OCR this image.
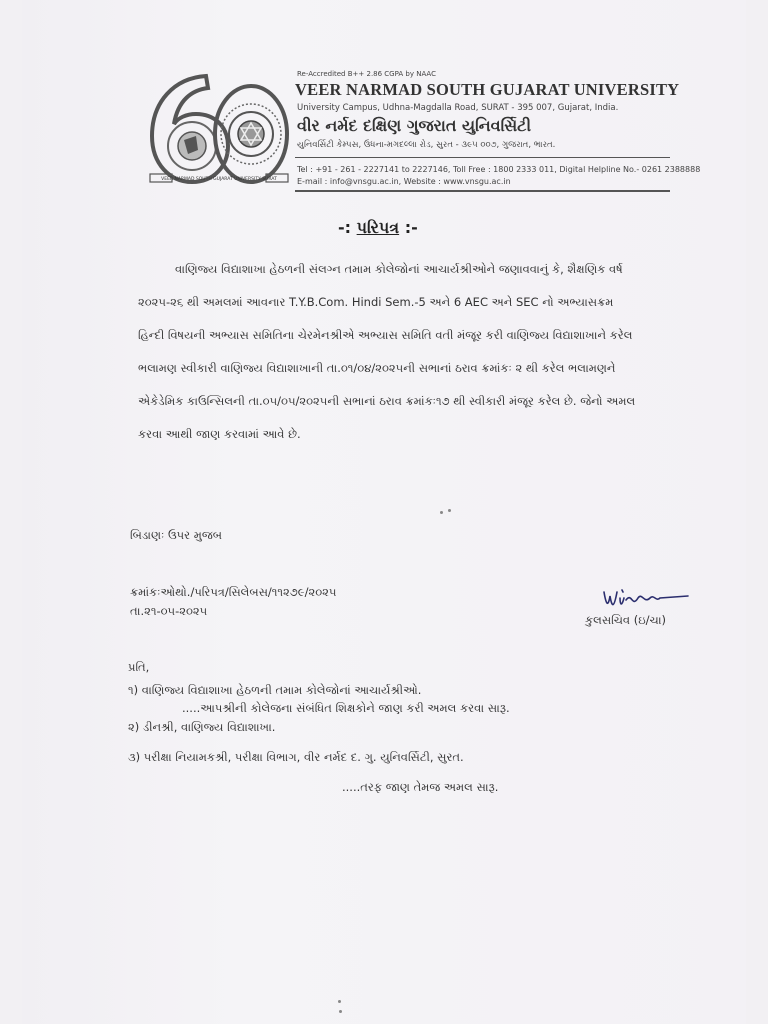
VEER NARMAD SOUTH GUJARAT UNIVERSITY SURAT
Re-Accredited B++ 2.86 CGPA by NAAC
VEER NARMAD SOUTH GUJARAT UNIVERSITY
University Campus, Udhna-Magdalla Road, SURAT - 395 007, Gujarat, India.
વીર નર્મદ દક્ષિણ ગુજરાત યુનિવર્સિટી
યુનિવર્સિટી કેમ્પસ, ઉધના-મગદલ્લા રોડ, સુરત - ૩૯૫ ૦૦૭, ગુજરાત, ભારત.
Tel : +91 - 261 - 2227141 to 2227146, Toll Free : 1800 2333 011, Digital Helpline No.- 0261 2388888
E-mail : info@vnsgu.ac.in, Website : www.vnsgu.ac.in
-: પરિપત્ર :-
વાણિજ્ય વિદ્યાશાખા હેઠળની સંલગ્ન તમામ કોલેજોનાં આચાર્યશ્રીઓને જણાવવાનું કે, શૈક્ષણિક વર્ષ
૨૦૨૫-૨૬ થી અમલમાં આવનાર T.Y.B.Com. Hindi Sem.-5 અને 6 AEC અને SEC નો અભ્યાસક્રમ
હિન્દી વિષયની અભ્યાસ સમિતિના ચેરમેનશ્રીએ અભ્યાસ સમિતિ વતી મંજૂર કરી વાણિજ્ય વિદ્યાશાખાને કરેલ
ભલામણ સ્વીકારી વાણિજ્ય વિદ્યાશાખાની તા.૦૧/૦૪/૨૦૨૫ની સભાનાં ઠરાવ ક્રમાંકઃ ૨ થી કરેલ ભલામણને
એકેડેમિક કાઉન્સિલની તા.૦૫/૦૫/૨૦૨૫ની સભાનાં ઠરાવ ક્રમાંકઃ૧૭ થી સ્વીકારી મંજૂર કરેલ છે. જેનો અમલ
કરવા આથી જાણ કરવામાં આવે છે.
બિડાણઃ ઉપર મુજબ
ક્રમાંકઃઓથો./પરિપત્ર/સિલેબસ/૧૧૨૭૯/૨૦૨૫
તા.૨૧-૦૫-૨૦૨૫
કુલસચિવ (ઇ/ચા)
પ્રતિ,
૧) વાણિજ્ય વિદ્યાશાખા હેઠળની તમામ કોલેજોનાં આચાર્યશ્રીઓ.
.....આપશ્રીની કોલેજના સંબંધિત શિક્ષકોને જાણ કરી અમલ કરવા સારૂ.
૨) ડીનશ્રી, વાણિજ્ય વિદ્યાશાખા.
૩) પરીક્ષા નિયામકશ્રી, પરીક્ષા વિભાગ, વીર નર્મદ દ. ગુ. યુનિવર્સિટી, સુરત.
.....તરફ જાણ તેમજ અમલ સારૂ.
